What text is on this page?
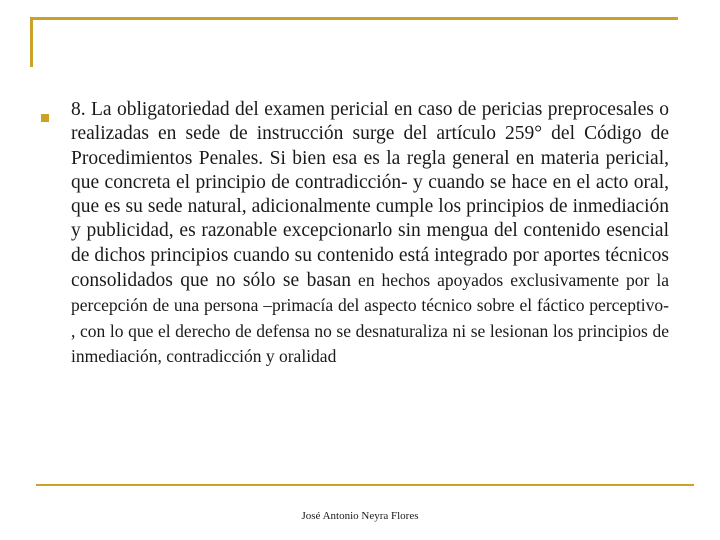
8. La obligatoriedad del examen pericial en caso de pericias preprocesales o realizadas en sede de instrucción surge del artículo 259° del Código de Procedimientos Penales. Si bien esa es la regla general en materia pericial, que concreta el principio de contradicción- y cuando se hace en el acto oral, que es su sede natural, adicionalmente cumple los principios de inmediación y publicidad, es razonable excepcionarlo sin mengua del contenido esencial de dichos principios cuando su contenido está integrado por aportes técnicos consolidados que no sólo se basan en hechos apoyados exclusivamente por la percepción de una persona –primacía del aspecto técnico sobre el fáctico perceptivo- , con lo que el derecho de defensa no se desnaturaliza ni se lesionan los principios de inmediación, contradicción y oralidad

José Antonio Neyra Flores
